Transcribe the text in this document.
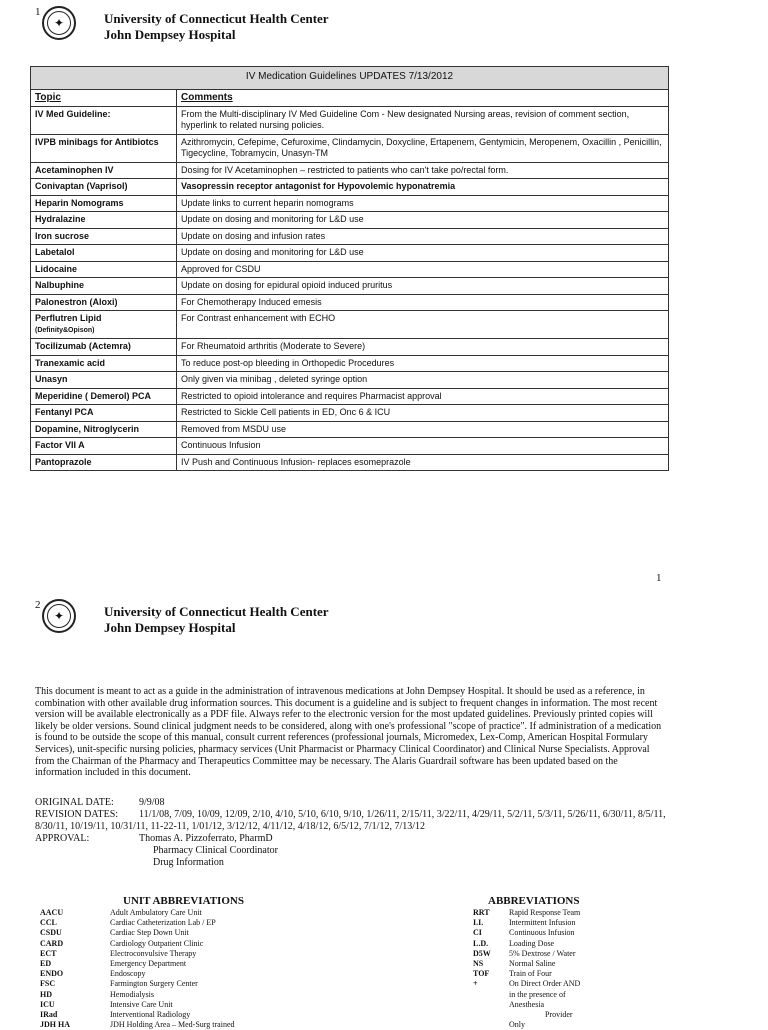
1
✦	University of Connecticut Health Center
John Dempsey Hospital
IV Medication Guidelines UPDATES 7/13/2012	
Topic	Comments
IV Med Guideline:	From the Multi-disciplinary IV Med Guideline Com - New designated Nursing areas, revision of comment section, hyperlink to related nursing policies.
IVPB minibags for Antibiotcs	Azithromycin, Cefepime, Cefuroxime, Clindamycin, Doxycline, Ertapenem, Gentymicin, Meropenem, Oxacillin , Penicillin, Tigecycline, Tobramycin, Unasyn-TM
Acetaminophen IV	Dosing for IV Acetaminophen – restricted to patients who can't take po/rectal form.
Conivaptan (Vaprisol)	Vasopressin receptor antagonist for Hypovolemic hyponatremia
Heparin Nomograms	Update links to current heparin nomograms
Hydralazine	Update on dosing and monitoring for L&D use
Iron sucrose	Update on dosing and infusion rates
Labetalol	Update on dosing and monitoring for L&D use
Lidocaine	Approved for CSDU
Nalbuphine	Update on dosing for epidural opioid induced pruritus
Palonestron (Aloxi)	For Chemotherapy Induced emesis
Perflutren Lipid
(Definity&Opison)	For Contrast enhancement with ECHO
Tocilizumab (Actemra)	For Rheumatoid arthritis (Moderate to Severe)
Tranexamic acid	To reduce post-op bleeding in Orthopedic Procedures
Unasyn	Only given via minibag , deleted syringe option
Meperidine ( Demerol) PCA	Restricted to opioid intolerance and requires Pharmacist approval
Fentanyl PCA	Restricted to Sickle Cell patients in ED, Onc 6 & ICU
Dopamine, Nitroglycerin	Removed from MSDU use
Factor VII A	Continuous Infusion
Pantoprazole	IV Push and Continuous Infusion- replaces esomeprazole
1
2
✦	University of Connecticut Health Center
John Dempsey Hospital
This document is meant to act as a guide in the administration of intravenous medications at John Dempsey Hospital. It should be used as a reference, in combination with other available drug information sources. This document is a guideline and is subject to frequent changes in information. The most recent version will be available electronically as a PDF file. Always refer to the electronic version for the most updated guidelines. Previously printed copies will likely be older versions. Sound clinical judgment needs to be considered, along with one's professional "scope of practice". If administration of a medication is found to be outside the scope of this manual, consult current references (professional journals, Micromedex, Lex-Comp, American Hospital Formulary Services), unit-specific nursing policies, pharmacy services (Unit Pharmacist or Pharmacy Clinical Coordinator) and Clinical Nurse Specialists. Approval from the Chairman of the Pharmacy and Therapeutics Committee may be necessary. The Alaris Guardrail software has been updated based on the information included in this document.
ORIGINAL DATE:	9/9/08
REVISION DATES:	11/1/08, 7/09, 10/09, 12/09, 2/10, 4/10, 5/10, 6/10, 9/10, 1/26/11, 2/15/11, 3/22/11, 4/29/11, 5/2/11, 5/3/11, 5/26/11, 6/30/11, 8/5/11, 8/30/11, 10/19/11, 10/31/11, 11-22-11, 1/01/12, 3/12/12, 4/11/12, 4/18/12, 6/5/12, 7/1/12, 7/13/12
APPROVAL:	Thomas A. Pizzoferrato, PharmD
Pharmacy Clinical Coordinator
Drug Information
UNIT ABBREVIATIONS
AACU	Adult Ambulatory Care Unit
CCL	Cardiac Catheterization Lab / EP
CSDU	Cardiac Step Down Unit
CARD	Cardiology Outpatient Clinic
ECT	Electroconvulsive Therapy
ED	Emergency Department
ENDO	Endoscopy
FSC	Farmington Surgery Center
HD	Hemodialysis
ICU	Intensive Care Unit
IRad	Interventional Radiology
JDH HA	JDH Holding Area – Med-Surg trained
ABBREVIATIONS
RRT	Rapid Response Team
I.I.	Intermittent Infusion
CI	Continuous Infusion
L.D.	Loading Dose
D5W	5% Dextrose / Water
NS	Normal Saline
TOF	Train of Four
+	On Direct Order AND
in the presence of
Anesthesia
Provider
Only
